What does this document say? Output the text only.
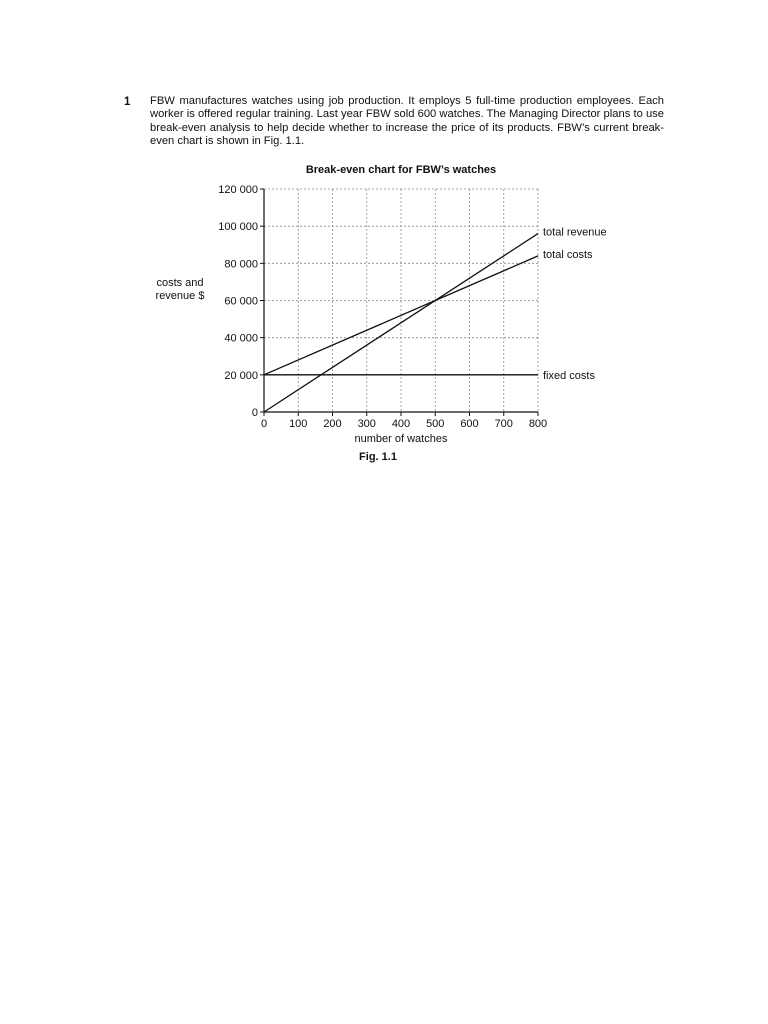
1 FBW manufactures watches using job production. It employs 5 full-time production employees. Each worker is offered regular training. Last year FBW sold 600 watches. The Managing Director plans to use break-even analysis to help decide whether to increase the price of its products. FBW’s current break-even chart is shown in Fig. 1.1.
Break-even chart for FBW’s watches
0 100 200 300 400 500 600 700 800
0
20 000
40 000
60 000
80 000
100 000
120 000
total revenue
total costs
fixed costs
costs and
revenue $
number of watches
Fig. 1.1
